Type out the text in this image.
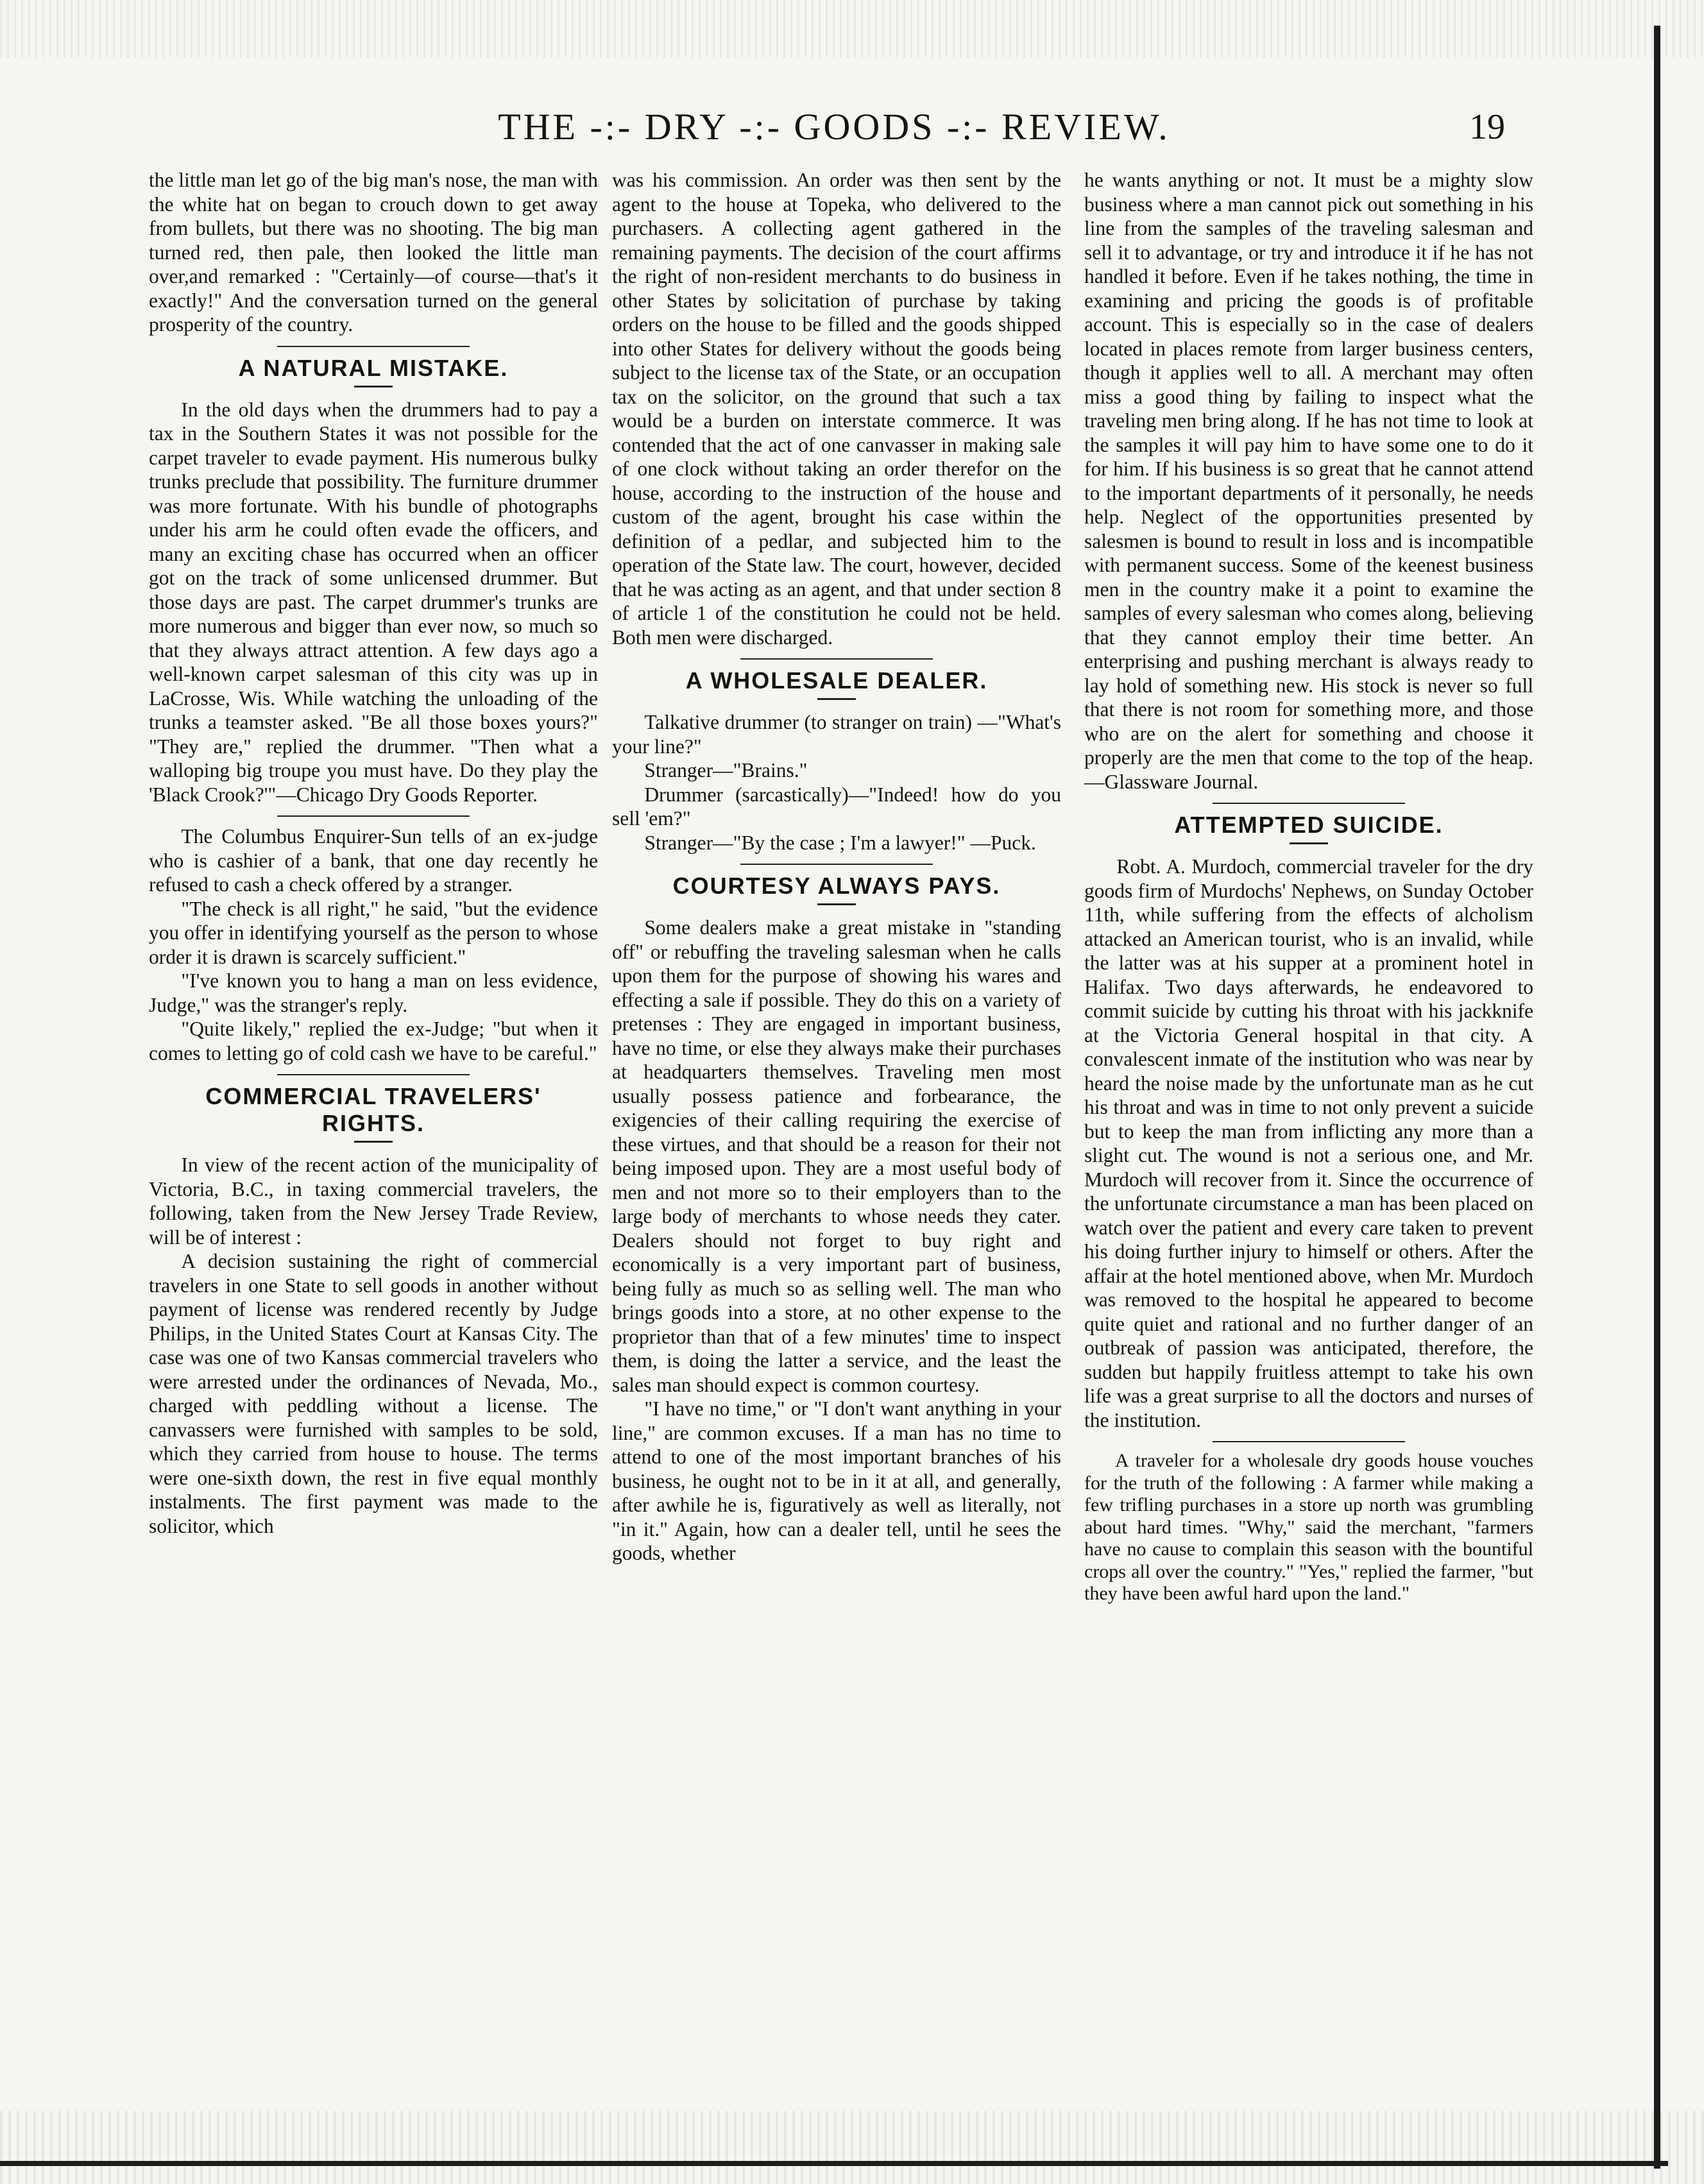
THE -:- DRY -:- GOODS -:- REVIEW.	19

the little man let go of the big man's nose, the man with the white hat on began to crouch down to get away from bullets, but there was no shooting. The big man turned red, then pale, then looked the little man over,and remarked : "Certainly—of course—that's it exactly!" And the conversation turned on the general prosperity of the country.

A NATURAL MISTAKE.

In the old days when the drummers had to pay a tax in the Southern States it was not possible for the carpet traveler to evade payment. His numerous bulky trunks preclude that possibility. The furniture drummer was more fortunate. With his bundle of photographs under his arm he could often evade the officers, and many an exciting chase has occurred when an officer got on the track of some unlicensed drummer. But those days are past. The carpet drummer's trunks are more numerous and bigger than ever now, so much so that they always attract attention. A few days ago a well-known carpet salesman of this city was up in LaCrosse, Wis. While watching the unloading of the trunks a teamster asked. "Be all those boxes yours?" "They are," replied the drummer. "Then what a walloping big troupe you must have. Do they play the 'Black Crook?'"—Chicago Dry Goods Reporter.

The Columbus Enquirer-Sun tells of an ex-judge who is cashier of a bank, that one day recently he refused to cash a check offered by a stranger.

"The check is all right," he said, "but the evidence you offer in identifying yourself as the person to whose order it is drawn is scarcely sufficient."

"I've known you to hang a man on less evidence, Judge," was the stranger's reply.

"Quite likely," replied the ex-Judge; "but when it comes to letting go of cold cash we have to be careful."

COMMERCIAL TRAVELERS'
RIGHTS.

In view of the recent action of the municipality of Victoria, B.C., in taxing commercial travelers, the following, taken from the New Jersey Trade Review, will be of interest :

A decision sustaining the right of commercial travelers in one State to sell goods in another without payment of license was rendered recently by Judge Philips, in the United States Court at Kansas City. The case was one of two Kansas commercial travelers who were arrested under the ordinances of Nevada, Mo., charged with peddling without a license. The canvassers were furnished with samples to be sold, which they carried from house to house. The terms were one-sixth down, the rest in five equal monthly instalments. The first payment was made to the solicitor, which

was his commission. An order was then sent by the agent to the house at Topeka, who delivered to the purchasers. A collecting agent gathered in the remaining payments. The decision of the court affirms the right of non-resident merchants to do business in other States by solicitation of purchase by taking orders on the house to be filled and the goods shipped into other States for delivery without the goods being subject to the license tax of the State, or an occupation tax on the solicitor, on the ground that such a tax would be a burden on interstate commerce. It was contended that the act of one canvasser in making sale of one clock without taking an order therefor on the house, according to the instruction of the house and custom of the agent, brought his case within the definition of a pedlar, and subjected him to the operation of the State law. The court, however, decided that he was acting as an agent, and that under section 8 of article 1 of the constitution he could not be held. Both men were discharged.

A WHOLESALE DEALER.

Talkative drummer (to stranger on train) —"What's your line?"

Stranger—"Brains."

Drummer (sarcastically)—"Indeed! how do you sell 'em?"

Stranger—"By the case ; I'm a lawyer!" —Puck.

COURTESY ALWAYS PAYS.

Some dealers make a great mistake in "standing off" or rebuffing the traveling salesman when he calls upon them for the purpose of showing his wares and effecting a sale if possible. They do this on a variety of pretenses : They are engaged in important business, have no time, or else they always make their purchases at headquarters themselves. Traveling men most usually possess patience and forbearance, the exigencies of their calling requiring the exercise of these virtues, and that should be a reason for their not being imposed upon. They are a most useful body of men and not more so to their employers than to the large body of merchants to whose needs they cater. Dealers should not forget to buy right and economically is a very important part of business, being fully as much so as selling well. The man who brings goods into a store, at no other expense to the proprietor than that of a few minutes' time to inspect them, is doing the latter a service, and the least the sales man should expect is common courtesy.

"I have no time," or "I don't want anything in your line," are common excuses. If a man has no time to attend to one of the most important branches of his business, he ought not to be in it at all, and generally, after awhile he is, figuratively as well as literally, not "in it." Again, how can a dealer tell, until he sees the goods, whether

he wants anything or not. It must be a mighty slow business where a man cannot pick out something in his line from the samples of the traveling salesman and sell it to advantage, or try and introduce it if he has not handled it before. Even if he takes nothing, the time in examining and pricing the goods is of profitable account. This is especially so in the case of dealers located in places remote from larger business centers, though it applies well to all. A merchant may often miss a good thing by failing to inspect what the traveling men bring along. If he has not time to look at the samples it will pay him to have some one to do it for him. If his business is so great that he cannot attend to the important departments of it personally, he needs help. Neglect of the opportunities presented by salesmen is bound to result in loss and is incompatible with permanent success. Some of the keenest business men in the country make it a point to examine the samples of every salesman who comes along, believing that they cannot employ their time better. An enterprising and pushing merchant is always ready to lay hold of something new. His stock is never so full that there is not room for something more, and those who are on the alert for something and choose it properly are the men that come to the top of the heap.—Glassware Journal.

ATTEMPTED SUICIDE.

Robt. A. Murdoch, commercial traveler for the dry goods firm of Murdochs' Nephews, on Sunday October 11th, while suffering from the effects of alcholism attacked an American tourist, who is an invalid, while the latter was at his supper at a prominent hotel in Halifax. Two days afterwards, he endeavored to commit suicide by cutting his throat with his jackknife at the Victoria General hospital in that city. A convalescent inmate of the institution who was near by heard the noise made by the unfortunate man as he cut his throat and was in time to not only prevent a suicide but to keep the man from inflicting any more than a slight cut. The wound is not a serious one, and Mr. Murdoch will recover from it. Since the occurrence of the unfortunate circumstance a man has been placed on watch over the patient and every care taken to prevent his doing further injury to himself or others. After the affair at the hotel mentioned above, when Mr. Murdoch was removed to the hospital he appeared to become quite quiet and rational and no further danger of an outbreak of passion was anticipated, therefore, the sudden but happily fruitless attempt to take his own life was a great surprise to all the doctors and nurses of the institution.

A traveler for a wholesale dry goods house vouches for the truth of the following : A farmer while making a few trifling purchases in a store up north was grumbling about hard times. "Why," said the merchant, "farmers have no cause to complain this season with the bountiful crops all over the country." "Yes," replied the farmer, "but they have been awful hard upon the land."
